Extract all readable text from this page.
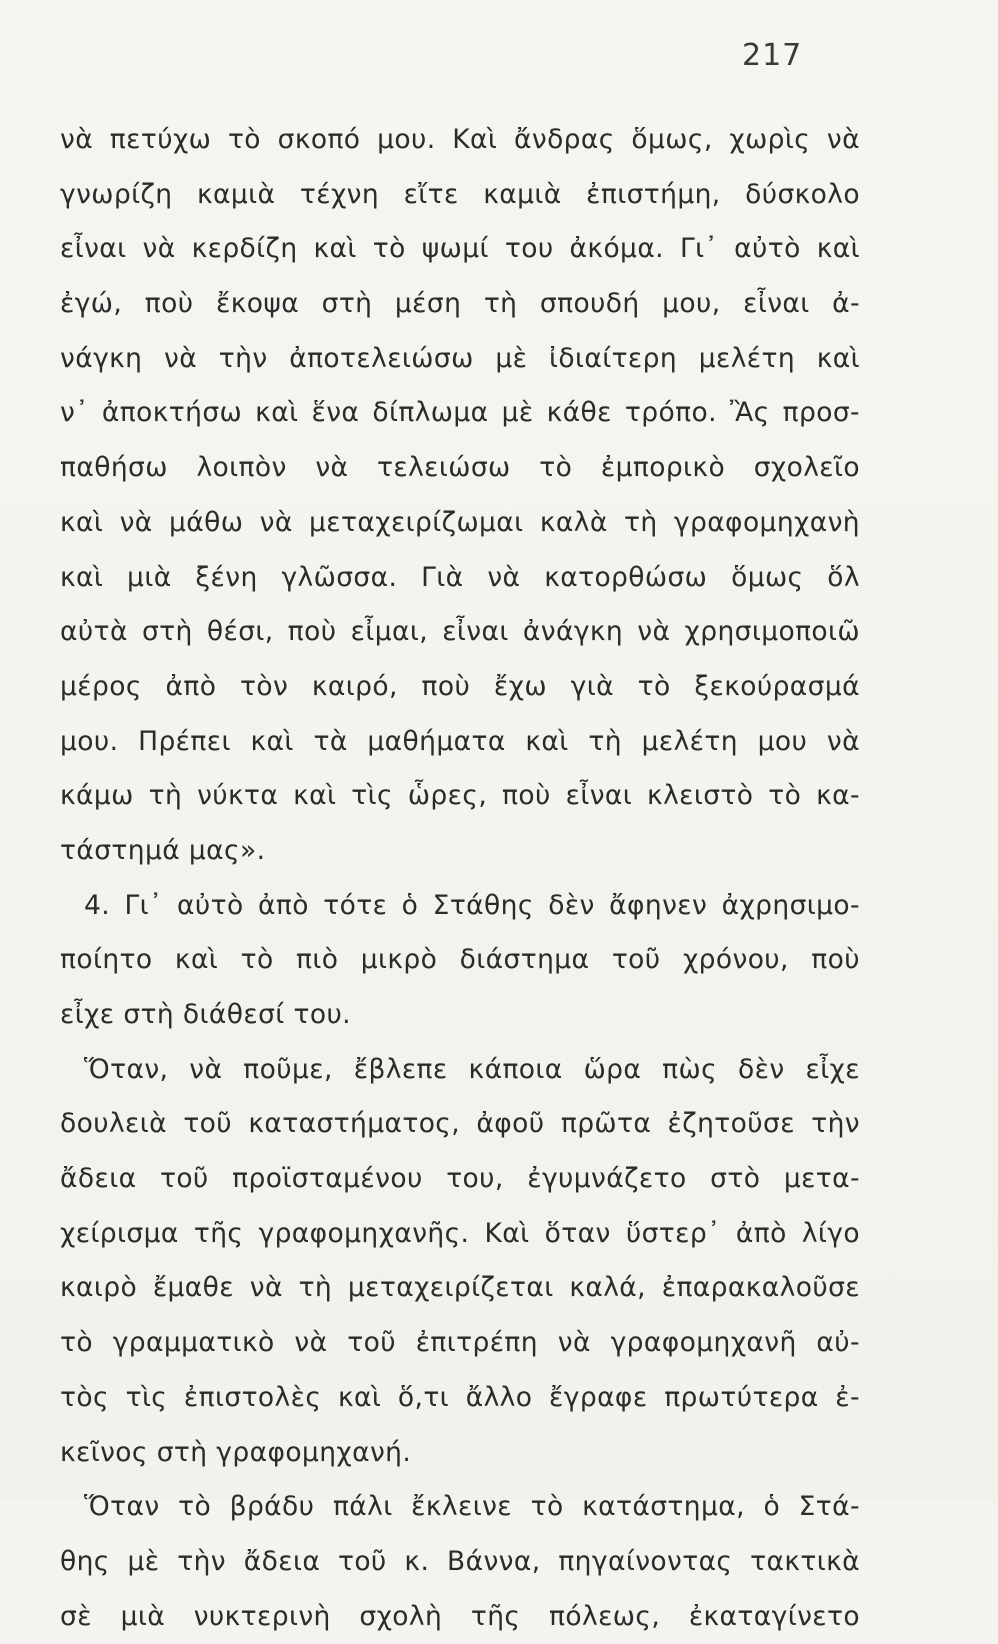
217
νὰ πετύχω τὸ σκοπό μου. Καὶ ἄνδρας ὅμως, χωρὶς νὰ
γνωρίζη καμιὰ τέχνη εἴτε καμιὰ ἐπιστήμη, δύσκολο
εἶναι νὰ κερδίζη καὶ τὸ ψωμί του ἀκόμα. Γι᾽ αὐτὸ καὶ
ἐγώ, ποὺ ἔκοψα στὴ μέση τὴ σπουδή μου, εἶναι ἀ-
νάγκη νὰ τὴν ἀποτελειώσω μὲ ἰδιαίτερη μελέτη καὶ
ν᾽ ἀποκτήσω καὶ ἕνα δίπλωμα μὲ κάθε τρόπο. Ἂς προσ-
παθήσω λοιπὸν νὰ τελειώσω τὸ ἐμπορικὸ σχολεῖο
καὶ νὰ μάθω νὰ μεταχειρίζωμαι καλὰ τὴ γραφομηχανὴ
καὶ μιὰ ξένη γλῶσσα. Γιὰ νὰ κατορθώσω ὅμως ὅλ
αὐτὰ στὴ θέσι, ποὺ εἶμαι, εἶναι ἀνάγκη νὰ χρησιμοποιῶ
μέρος ἀπὸ τὸν καιρό, ποὺ ἔχω γιὰ τὸ ξεκούρασμά
μου. Πρέπει καὶ τὰ μαθήματα καὶ τὴ μελέτη μου νὰ
κάμω τὴ νύκτα καὶ τὶς ὧρες, ποὺ εἶναι κλειστὸ τὸ κα-
τάστημά μας».
4. Γι᾽ αὐτὸ ἀπὸ τότε ὁ Στάθης δὲν ἄφηνεν ἀχρησιμο-
ποίητο καὶ τὸ πιὸ μικρὸ διάστημα τοῦ χρόνου, ποὺ
εἶχε στὴ διάθεσί του.
Ὅταν, νὰ ποῦμε, ἔβλεπε κάποια ὥρα πὼς δὲν εἶχε
δουλειὰ τοῦ καταστήματος, ἀφοῦ πρῶτα ἐζητοῦσε τὴν
ἄδεια τοῦ προϊσταμένου του, ἐγυμνάζετο στὸ μετα-
χείρισμα τῆς γραφομηχανῆς. Καὶ ὅταν ὕστερ᾽ ἀπὸ λίγο
καιρὸ ἔμαθε νὰ τὴ μεταχειρίζεται καλά, ἐπαρακαλοῦσε
τὸ γραμματικὸ νὰ τοῦ ἐπιτρέπη νὰ γραφομηχανῆ αὐ-
τὸς τὶς ἐπιστολὲς καὶ ὅ,τι ἄλλο ἔγραφε πρωτύτερα ἐ-
κεῖνος στὴ γραφομηχανή.
Ὅταν τὸ βράδυ πάλι ἔκλεινε τὸ κατάστημα, ὁ Στά-
θης μὲ τὴν ἄδεια τοῦ κ. Βάννα, πηγαίνοντας τακτικὰ
σὲ μιὰ νυκτερινὴ σχολὴ τῆς πόλεως, ἐκαταγίνετο
